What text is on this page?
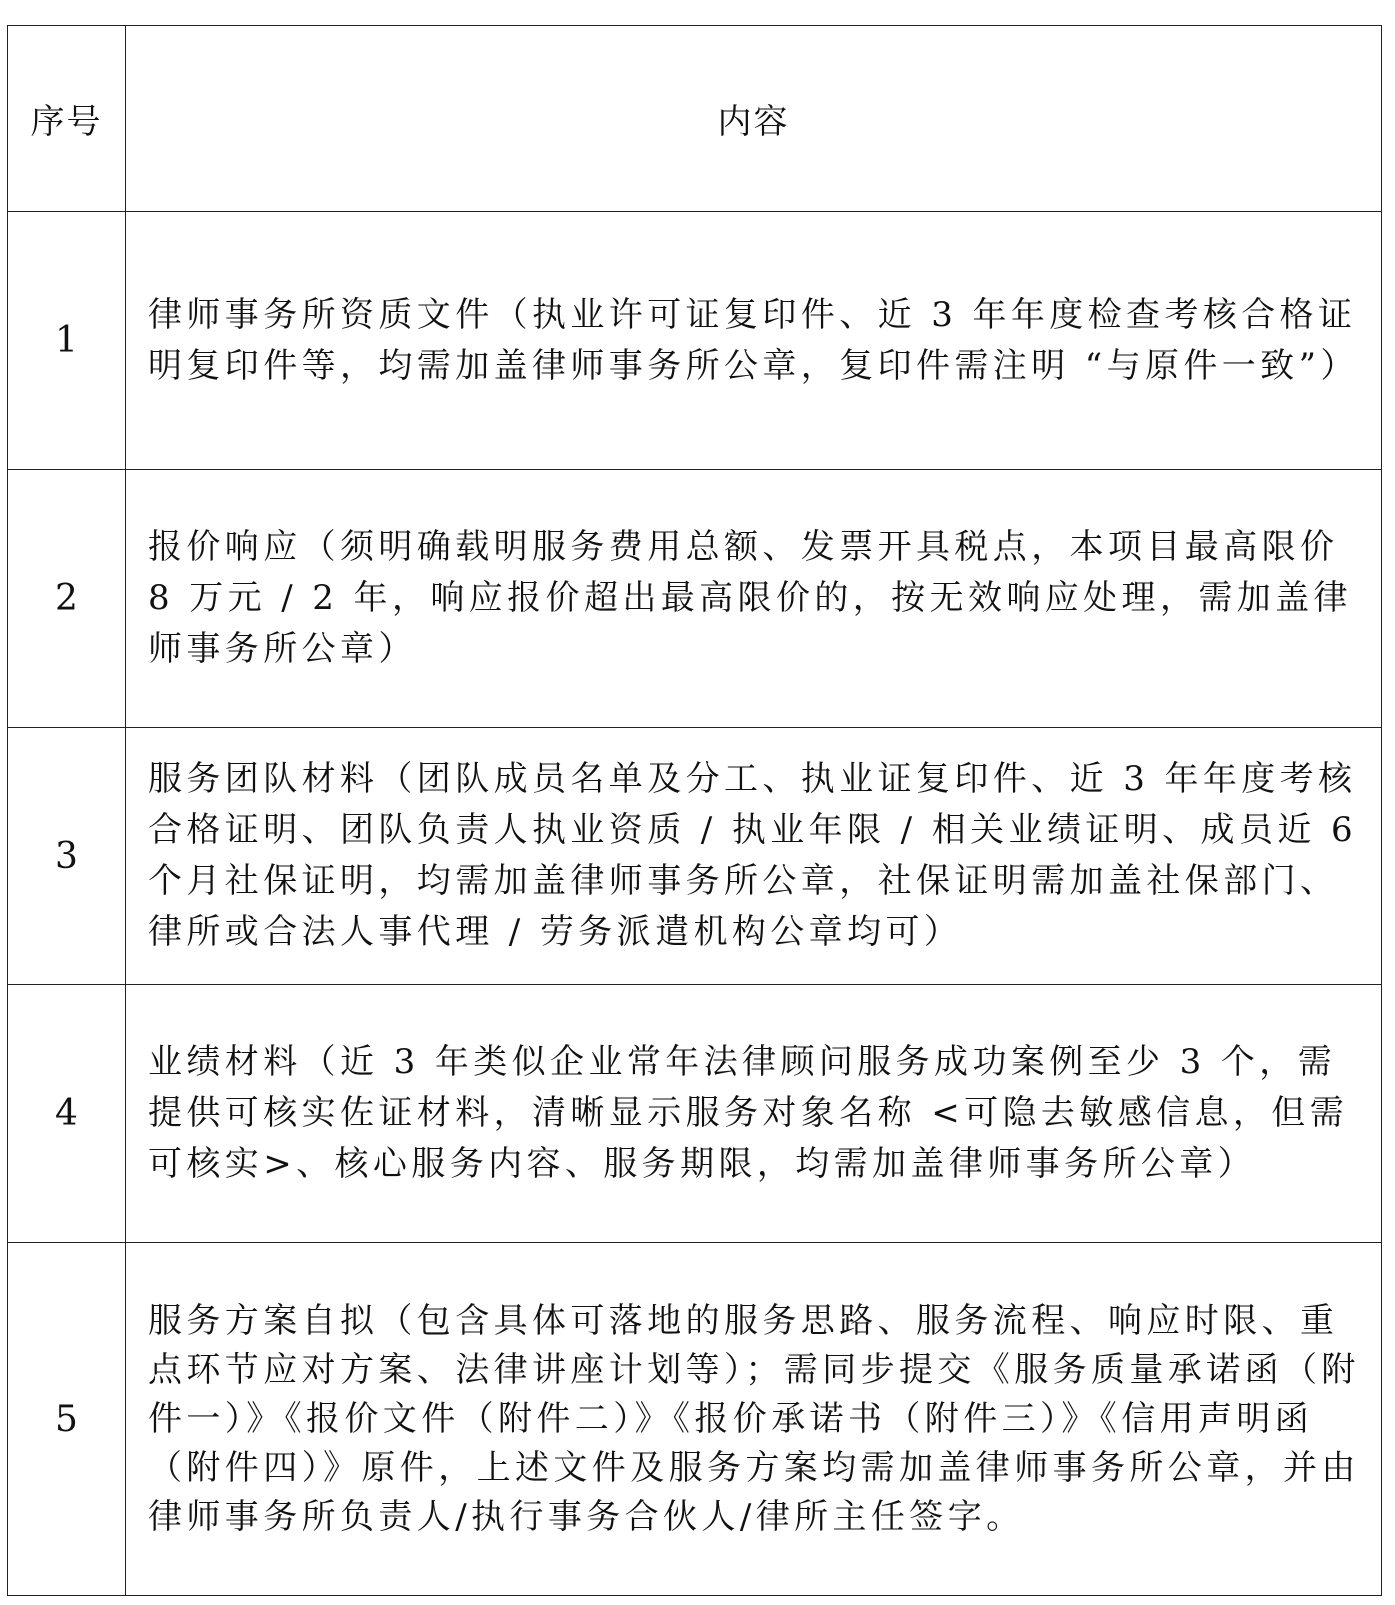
序号	内容
1	律师事务所资质文件（执业许可证复印件、近 3 年年度检查考核合格证明复印件等，均需加盖律师事务所公章，复印件需注明 “与原件一致”）
2	报价响应（须明确载明服务费用总额、发票开具税点，本项目最高限价 8 万元 / 2 年，响应报价超出最高限价的，按无效响应处理，需加盖律师事务所公章）
3	服务团队材料（团队成员名单及分工、执业证复印件、近 3 年年度考核合格证明、团队负责人执业资质 / 执业年限 / 相关业绩证明、成员近 6 个月社保证明，均需加盖律师事务所公章，社保证明需加盖社保部门、律所或合法人事代理 / 劳务派遣机构公章均可）
4	业绩材料（近 3 年类似企业常年法律顾问服务成功案例至少 3 个，需提供可核实佐证材料，清晰显示服务对象名称 <可隐去敏感信息，但需可核实>、核心服务内容、服务期限，均需加盖律师事务所公章）
5	服务方案自拟（包含具体可落地的服务思路、服务流程、响应时限、重点环节应对方案、法律讲座计划等）；需同步提交《服务质量承诺函（附件一）》《报价文件（附件二）》《报价承诺书（附件三）》《信用声明函（附件四）》原件，上述文件及服务方案均需加盖律师事务所公章，并由律师事务所负责人/执行事务合伙人/律所主任签字。
